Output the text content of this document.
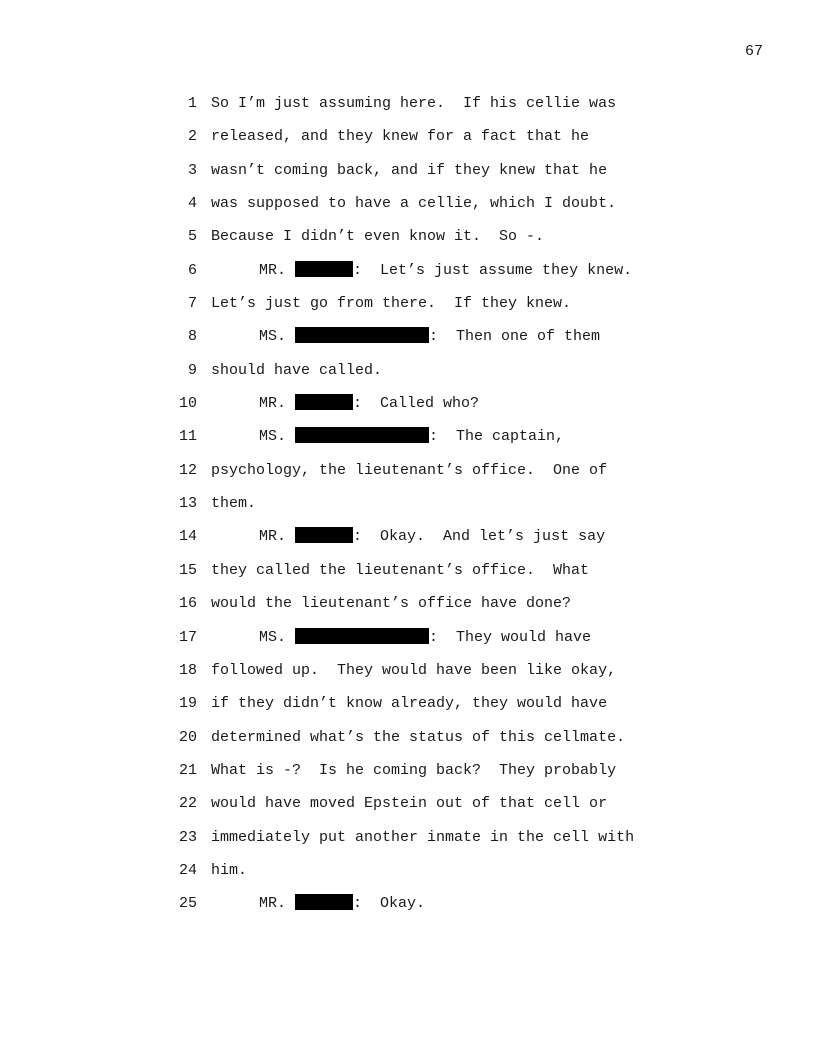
67
1 So I’m just assuming here.  If his cellie was
2 released, and they knew for a fact that he
3 wasn’t coming back, and if they knew that he
4 was supposed to have a cellie, which I doubt.
5 Because I didn’t even know it.  So -.
6	MR.	:  Let’s just assume they knew.
7 Let’s just go from there.  If they knew.
8	MS.	:  Then one of them
9 should have called.
10	MR.	:  Called who?
11	MS.	:  The captain,
12 psychology, the lieutenant’s office.  One of
13 them.
14	MR.	:  Okay.  And let’s just say
15 they called the lieutenant’s office.  What
16 would the lieutenant’s office have done?
17	MS.	:  They would have
18 followed up.  They would have been like okay,
19 if they didn’t know already, they would have
20 determined what’s the status of this cellmate.
21 What is -?  Is he coming back?  They probably
22 would have moved Epstein out of that cell or
23 immediately put another inmate in the cell with
24 him.
25	MR.	:  Okay.
